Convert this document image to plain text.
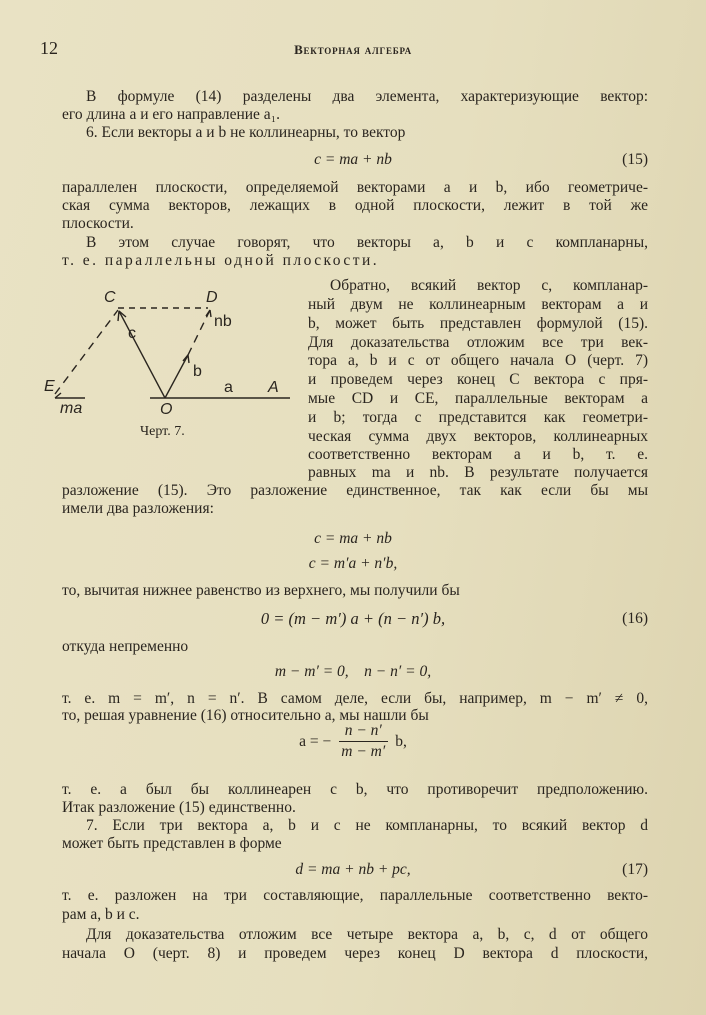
12	Векторная алгебра
В формуле (14) разделены два элемента, характеризующие вектор:
его длина a и его направление a₁.
6. Если векторы a и b не коллинеарны, то вектор
c = ma + nb	(15)
параллелен плоскости, определяемой векторами a и b, ибо геометриче-
ская сумма векторов, лежащих в одной плоскости, лежит в той же
плоскости.
В этом случае говорят, что векторы a, b и c компланарны,
т. е. параллельны одной плоскости.
C	D
nb
c
b
a A
E
ma	O
Черт. 7.
Обратно, всякий вектор c, компланар-
ный двум не коллинеарным векторам a и
b, может быть представлен формулой (15).
Для доказательства отложим все три век-
тора a, b и c от общего начала O (черт. 7)
и проведем через конец C вектора c пря-
мые CD и CE, параллельные векторам a
и b; тогда c представится как геометри-
ческая сумма двух векторов, коллинеарных
соответственно векторам a и b, т. е.
равных ma и nb. В результате получается
разложение (15). Это разложение единственное, так как если бы мы
имели два разложения:
c = ma + nb
c = m′a + n′b,
то, вычитая нижнее равенство из верхнего, мы получили бы
0 = (m − m′) a + (n − n′) b,	(16)
откуда непременно
m − m′ = 0,    n − n′ = 0,
т. е. m = m′, n = n′. В самом деле, если бы, например, m − m′ ≠ 0,
то, решая уравнение (16) относительно a, мы нашли бы
a = − $\frac{n - n'}{m - m'} b$,
т. е. a был бы коллинеарен с b, что противоречит предположению.
Итак разложение (15) единственно.
7. Если три вектора a, b и c не компланарны, то всякий вектор d
может быть представлен в форме
d = ma + nb + pc,	(17)
т. е. разложен на три составляющие, параллельные соответственно векто-
рам a, b и c.
Для доказательства отложим все четыре вектора a, b, c, d от общего
начала O (черт. 8) и проведем через конец D вектора d плоскости,
